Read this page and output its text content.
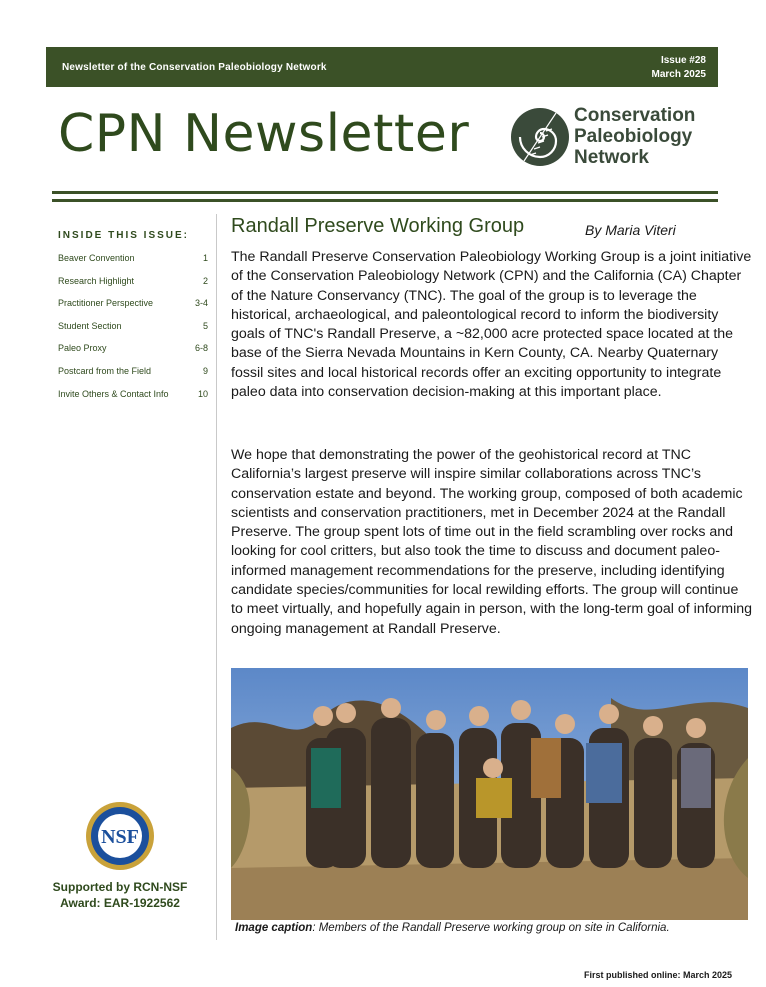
Newsletter of the Conservation Paleobiology Network
Issue #28
March 2025
CPN Newsletter	Conservation
Paleobiology
Network
INSIDE THIS ISSUE:
Beaver Convention	1
Research Highlight	2
Practitioner Perspective	3-4
Student Section	5
Paleo Proxy	6-8
Postcard from the Field	9
Invite Others & Contact Info	10
NSF
Supported by RCN-NSF
Award: EAR-1922562
Randall Preserve Working Group	By Maria Viteri
The Randall Preserve Conservation Paleobiology Working Group is a joint initiative of the Conservation Paleobiology Network (CPN) and the California (CA) Chapter of the Nature Conservancy (TNC). The goal of the group is to leverage the historical, archaeological, and paleontological record to inform the biodiversity goals of TNC's Randall Preserve, a ~82,000 acre protected space located at the base of the Sierra Nevada Mountains in Kern County, CA. Nearby Quaternary fossil sites and local historical records offer an exciting opportunity to integrate paleo data into conservation decision-making at this important place.
We hope that demonstrating the power of the geohistorical record at TNC California’s largest preserve will inspire similar collaborations across TNC’s conservation estate and beyond. The working group, composed of both academic scientists and conservation practitioners, met in December 2024 at the Randall Preserve. The group spent lots of time out in the field scrambling over rocks and looking for cool critters, but also took the time to discuss and document paleo-informed management recommendations for the preserve, including identifying candidate species/communities for local rewilding efforts. The group will continue to meet virtually, and hopefully again in person, with the long-term goal of informing ongoing management at Randall Preserve.
Image caption: Members of the Randall Preserve working group on site in California.
First published online: March 2025
